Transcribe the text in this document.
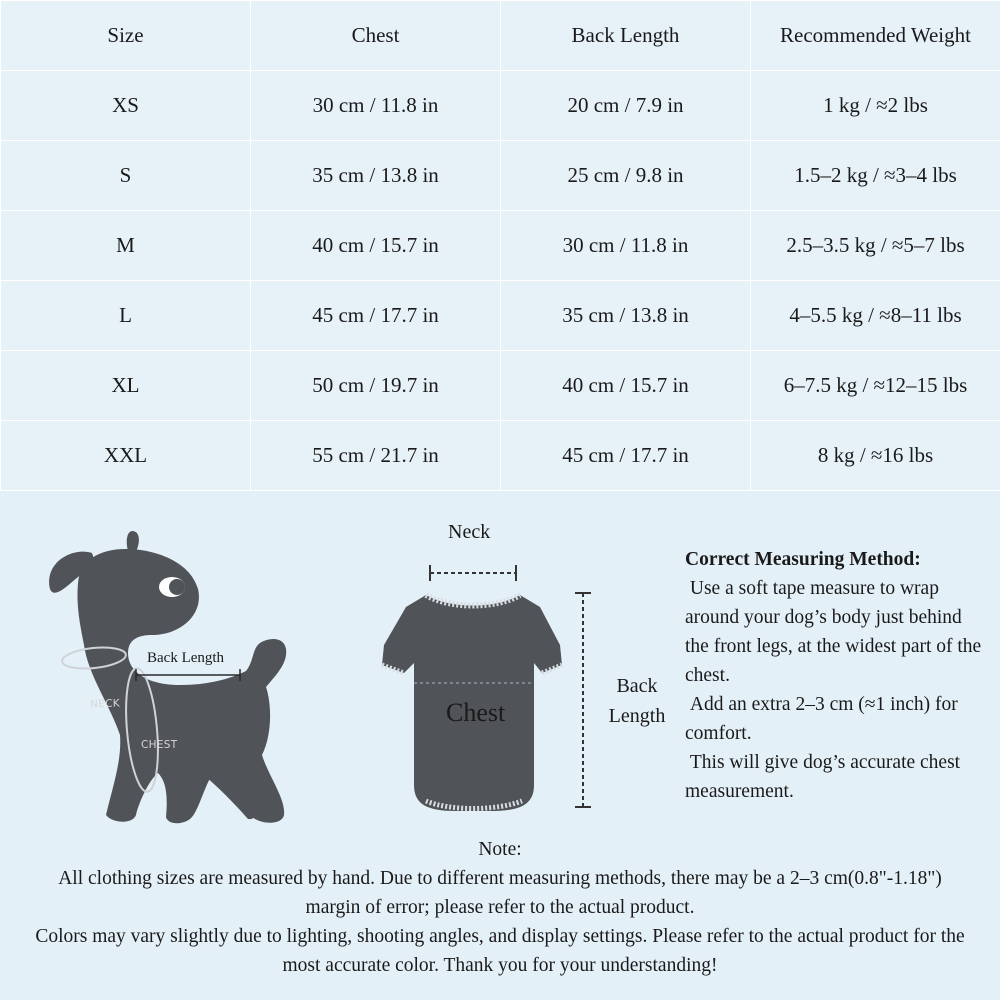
Size	Chest	Back Length	Recommended Weight
XS	30 cm / 11.8 in	20 cm / 7.9 in	1 kg / ≈2 lbs
S	35 cm / 13.8 in	25 cm / 9.8 in	1.5–2 kg / ≈3–4 lbs
M	40 cm / 15.7 in	30 cm / 11.8 in	2.5–3.5 kg / ≈5–7 lbs
L	45 cm / 17.7 in	35 cm / 13.8 in	4–5.5 kg / ≈8–11 lbs
XL	50 cm / 19.7 in	40 cm / 15.7 in	6–7.5 kg / ≈12–15 lbs
XXL	55 cm / 21.7 in	45 cm / 17.7 in	8 kg / ≈16 lbs
Back Length
NECK
CHEST
Neck
Chest
Back
Length
Correct Measuring Method:

Use a soft tape measure to wrap around your dog’s body just behind the front legs, at the widest part of the chest.

Add an extra 2–3 cm (≈1 inch) for comfort.

This will give dog’s accurate chest measurement.

Note:

All clothing sizes are measured by hand. Due to different measuring methods, there may be a 2–3 cm(0.8"-1.18") margin of error; please refer to the actual product.

Colors may vary slightly due to lighting, shooting angles, and display settings. Please refer to the actual product for the most accurate color. Thank you for your understanding!
